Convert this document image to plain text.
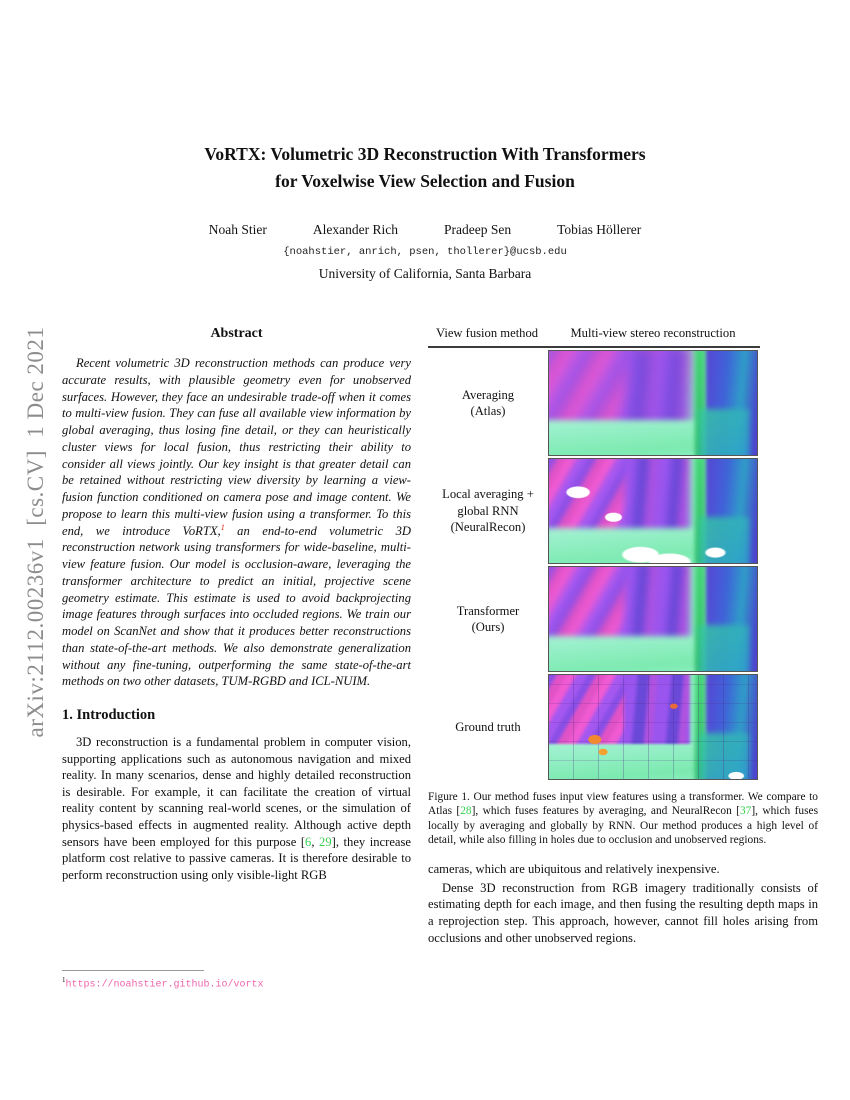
arXiv:2112.00236v1  [cs.CV]  1 Dec 2021
VoRTX: Volumetric 3D Reconstruction With Transformers
for Voxelwise View Selection and Fusion
Noah Stier	Alexander Rich	Pradeep Sen	Tobias Höllerer
{noahstier, anrich, psen, thollerer}@ucsb.edu
University of California, Santa Barbara
Abstract

Recent volumetric 3D reconstruction methods can produce very accurate results, with plausible geometry even for unobserved surfaces. However, they face an undesirable trade-off when it comes to multi-view fusion. They can fuse all available view information by global averaging, thus losing fine detail, or they can heuristically cluster views for local fusion, thus restricting their ability to consider all views jointly. Our key insight is that greater detail can be retained without restricting view diversity by learning a view-fusion function conditioned on camera pose and image content. We propose to learn this multi-view fusion using a transformer. To this end, we introduce VoRTX,$^1$ an end-to-end volumetric 3D reconstruction network using transformers for wide-baseline, multi-view feature fusion. Our model is occlusion-aware, leveraging the transformer architecture to predict an initial, projective scene geometry estimate. This estimate is used to avoid backprojecting image features through surfaces into occluded regions. We train our model on ScanNet and show that it produces better reconstructions than state-of-the-art methods. We also demonstrate generalization without any fine-tuning, outperforming the same state-of-the-art methods on two other datasets, TUM-RGBD and ICL-NUIM.

1. Introduction

3D reconstruction is a fundamental problem in computer vision, supporting applications such as autonomous navigation and mixed reality. In many scenarios, dense and highly detailed reconstruction is desirable. For example, it can facilitate the creation of virtual reality content by scanning real-world scenes, or the simulation of physics-based effects in augmented reality. Although active depth sensors have been employed for this purpose [6, 29], they increase platform cost relative to passive cameras. It is therefore desirable to perform reconstruction using only visible-light RGB

$^1$https://noahstier.github.io/vortx
View fusion method	Multi-view stereo reconstruction
Averaging
(Atlas)
Local averaging +
global RNN
(NeuralRecon)
Transformer
(Ours)
Ground truth

Figure 1. Our method fuses input view features using a transformer. We compare to Atlas [28], which fuses features by averaging, and NeuralRecon [37], which fuses locally by averaging and globally by RNN. Our method produces a high level of detail, while also filling in holes due to occlusion and unobserved regions.

cameras, which are ubiquitous and relatively inexpensive.

Dense 3D reconstruction from RGB imagery traditionally consists of estimating depth for each image, and then fusing the resulting depth maps in a reprojection step. This approach, however, cannot fill holes arising from occlusions and other unobserved regions.
